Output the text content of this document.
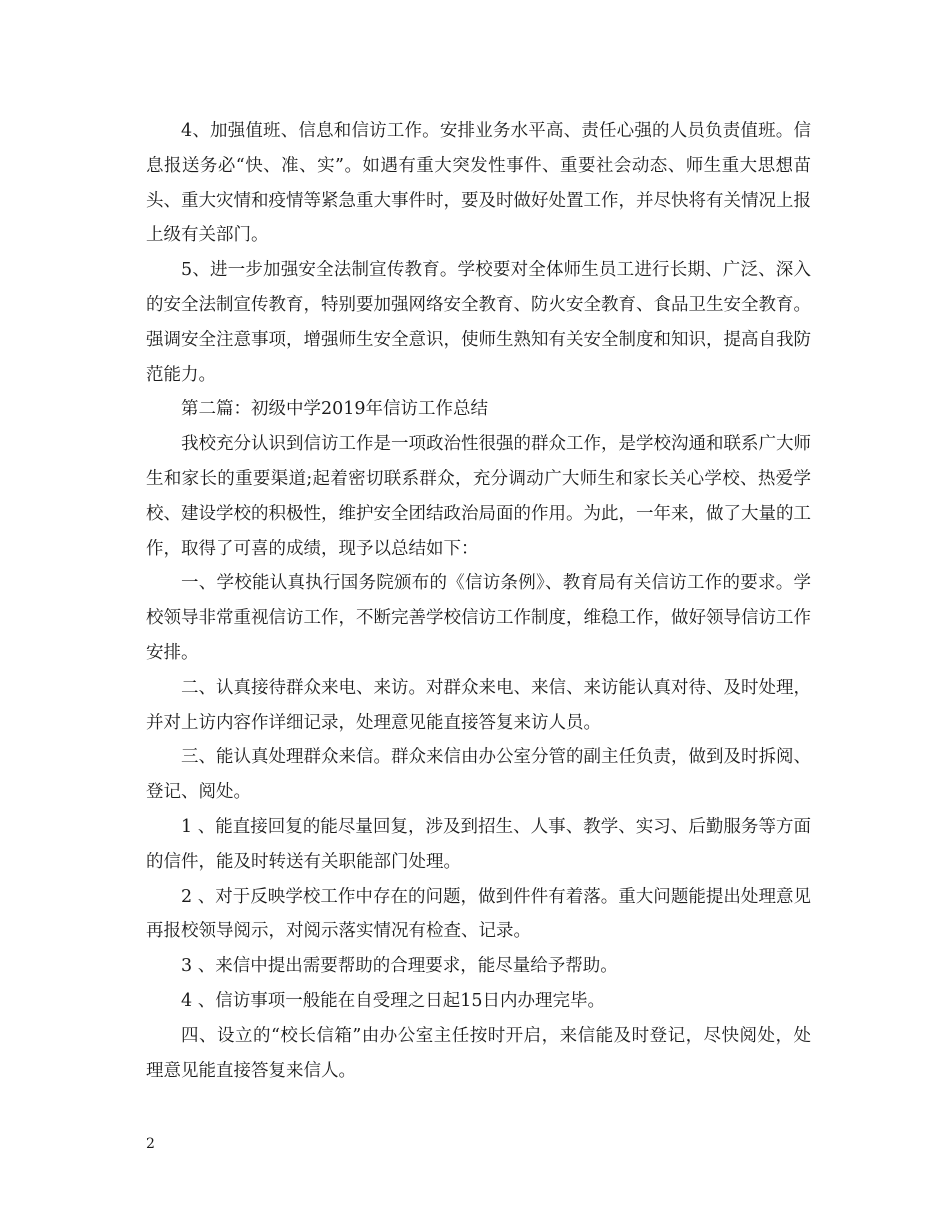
4、加强值班、信息和信访工作。安排业务水平高、责任心强的人员负责值班。信息报送务必“快、准、实”。如遇有重大突发性事件、重要社会动态、师生重大思想苗头、重大灾情和疫情等紧急重大事件时，要及时做好处置工作，并尽快将有关情况上报上级有关部门。

5、进一步加强安全法制宣传教育。学校要对全体师生员工进行长期、广泛、深入的安全法制宣传教育，特别要加强网络安全教育、防火安全教育、食品卫生安全教育。强调安全注意事项，增强师生安全意识，使师生熟知有关安全制度和知识，提高自我防范能力。

第二篇：初级中学2019年信访工作总结

我校充分认识到信访工作是一项政治性很强的群众工作，是学校沟通和联系广大师生和家长的重要渠道;起着密切联系群众，充分调动广大师生和家长关心学校、热爱学校、建设学校的积极性，维护安全团结政治局面的作用。为此，一年来，做了大量的工作，取得了可喜的成绩，现予以总结如下：

一、学校能认真执行国务院颁布的《信访条例》、教育局有关信访工作的要求。学校领导非常重视信访工作，不断完善学校信访工作制度，维稳工作，做好领导信访工作安排。

二、认真接待群众来电、来访。对群众来电、来信、来访能认真对待、及时处理，并对上访内容作详细记录，处理意见能直接答复来访人员。

三、能认真处理群众来信。群众来信由办公室分管的副主任负责，做到及时拆阅、登记、阅处。

1 、能直接回复的能尽量回复，涉及到招生、人事、教学、实习、后勤服务等方面的信件，能及时转送有关职能部门处理。

2 、对于反映学校工作中存在的问题，做到件件有着落。重大问题能提出处理意见再报校领导阅示，对阅示落实情况有检查、记录。

3 、来信中提出需要帮助的合理要求，能尽量给予帮助。

4 、信访事项一般能在自受理之日起15日内办理完毕。

四、设立的“校长信箱”由办公室主任按时开启，来信能及时登记，尽快阅处，处理意见能直接答复来信人。

2
